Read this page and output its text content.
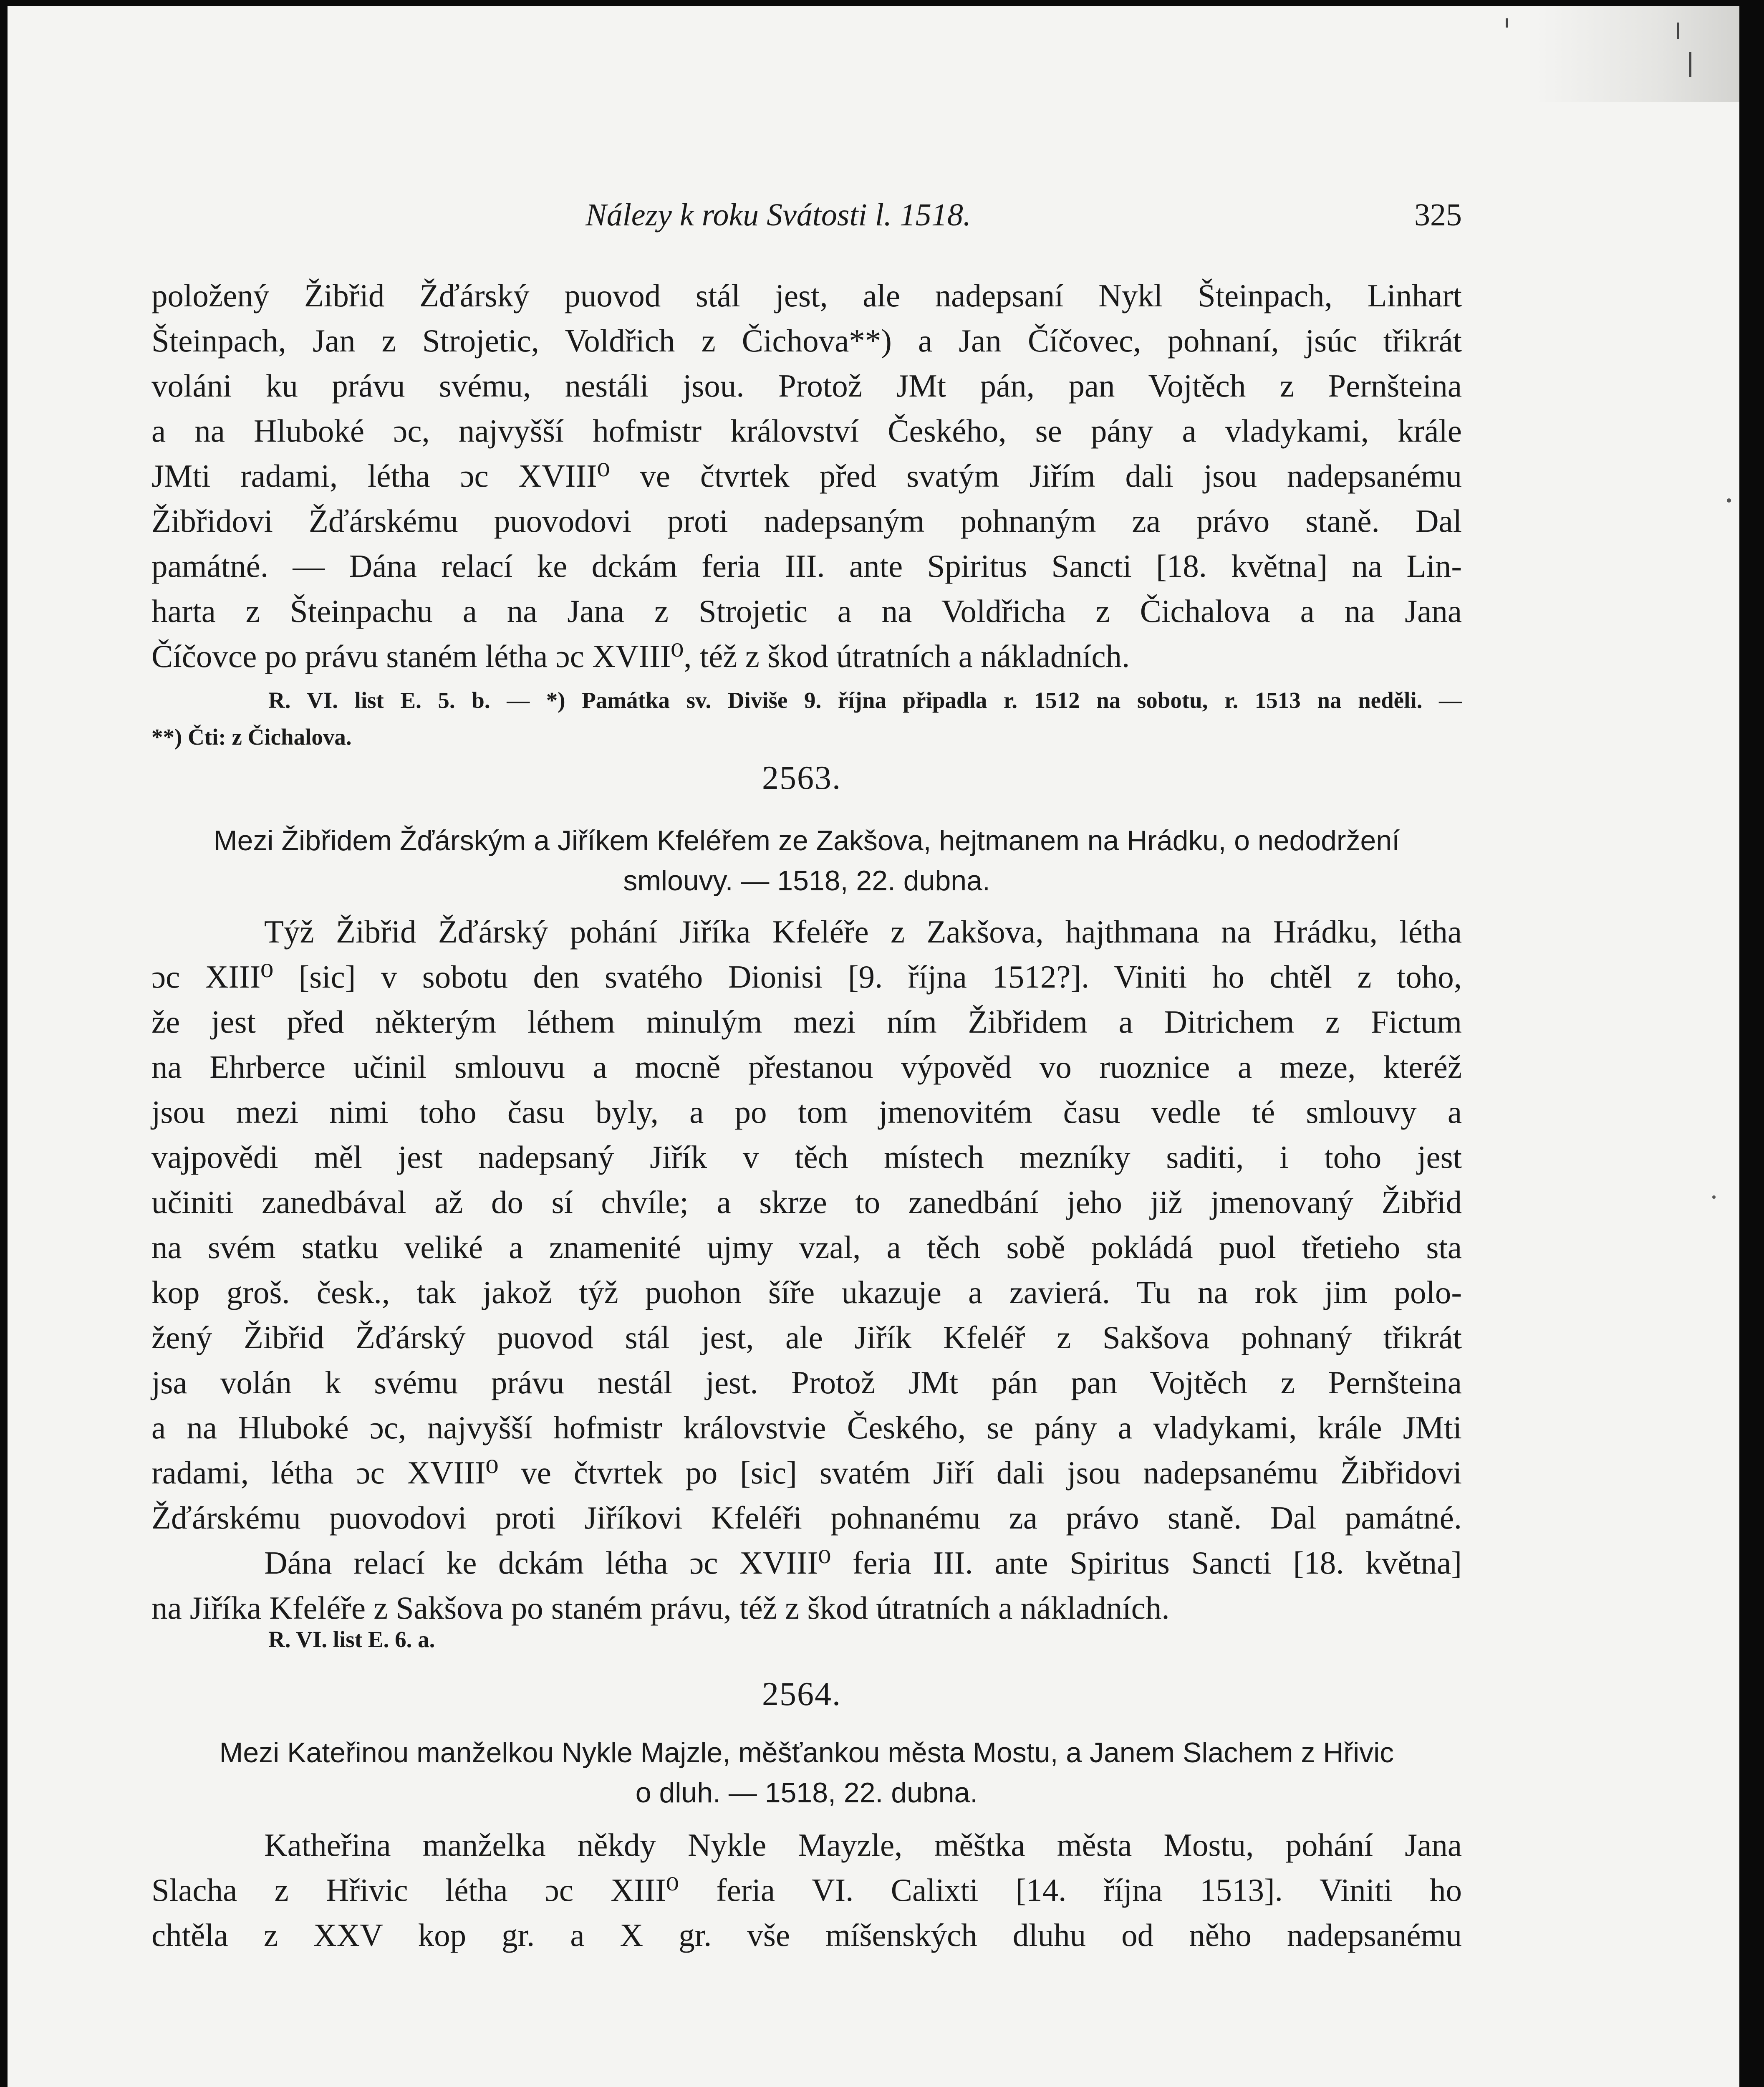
Nálezy k roku Svátosti l. 1518.	325
položený Žibřid Žďárský puovod stál jest, ale nadepsaní Nykl Šteinpach, Linhart
Šteinpach, Jan z Strojetic, Voldřich z Čichova**) a Jan Číčovec, pohnaní, jsúc třikrát
voláni ku právu svému, nestáli jsou. Protož JMt pán, pan Vojtěch z Pernšteina
a na Hluboké ɔc, najvyšší hofmistr království Českého, se pány a vladykami, krále
JMti radami, létha ɔc XVIII⁰ ve čtvrtek před svatým Jiřím dali jsou nadepsanému
Žibřidovi Žďárskému puovodovi proti nadepsaným pohnaným za právo staně. Dal
památné. — Dána relací ke dckám feria III. ante Spiritus Sancti [18. května] na Lin-
harta z Šteinpachu a na Jana z Strojetic a na Voldřicha z Čichalova a na Jana
Číčovce po právu staném létha ɔc XVIII⁰, též z škod útratních a nákladních.
R. VI. list E. 5. b. — *) Památka sv. Diviše 9. října připadla r. 1512 na sobotu, r. 1513 na neděli. —
**) Čti: z Čichalova.
2563.
Mezi Žibřidem Žďárským a Jiříkem Kfeléřem ze Zakšova, hejtmanem na Hrádku, o nedodržení
smlouvy. — 1518, 22. dubna.
Týž Žibřid Žďárský pohání Jiříka Kfeléře z Zakšova, hajthmana na Hrádku, létha
ɔc XIII⁰ [sic] v sobotu den svatého Dionisi [9. října 1512?]. Viniti ho chtěl z toho,
že jest před některým léthem minulým mezi ním Žibřidem a Ditrichem z Fictum
na Ehrberce učinil smlouvu a mocně přestanou výpověd vo ruoznice a meze, kteréž
jsou mezi nimi toho času byly, a po tom jmenovitém času vedle té smlouvy a
vajpovědi měl jest nadepsaný Jiřík v těch místech mezníky saditi, i toho jest
učiniti zanedbával až do sí chvíle; a skrze to zanedbání jeho již jmenovaný Žibřid
na svém statku veliké a znamenité ujmy vzal, a těch sobě pokládá puol třetieho sta
kop groš. česk., tak jakož týž puohon šíře ukazuje a zavierá. Tu na rok jim polo-
žený Žibřid Žďárský puovod stál jest, ale Jiřík Kfeléř z Sakšova pohnaný třikrát
jsa volán k svému právu nestál jest. Protož JMt pán pan Vojtěch z Pernšteina
a na Hluboké ɔc, najvyšší hofmistr královstvie Českého, se pány a vladykami, krále JMti
radami, létha ɔc XVIII⁰ ve čtvrtek po [sic] svatém Jiří dali jsou nadepsanému Žibřidovi
Žďárskému puovodovi proti Jiříkovi Kfeléři pohnanému za právo staně. Dal památné.
Dána relací ke dckám létha ɔc XVIII⁰ feria III. ante Spiritus Sancti [18. května]
na Jiříka Kfeléře z Sakšova po staném právu, též z škod útratních a nákladních.
R. VI. list E. 6. a.
2564.
Mezi Kateřinou manželkou Nykle Majzle, měšťankou města Mostu, a Janem Slachem z Hřivic
o dluh. — 1518, 22. dubna.
Katheřina manželka někdy Nykle Mayzle, měštka města Mostu, pohání Jana
Slacha z Hřivic létha ɔc XIII⁰ feria VI. Calixti [14. října 1513]. Viniti ho
chtěla z XXV kop gr. a X gr. vše míšenských dluhu od něho nadepsanému
